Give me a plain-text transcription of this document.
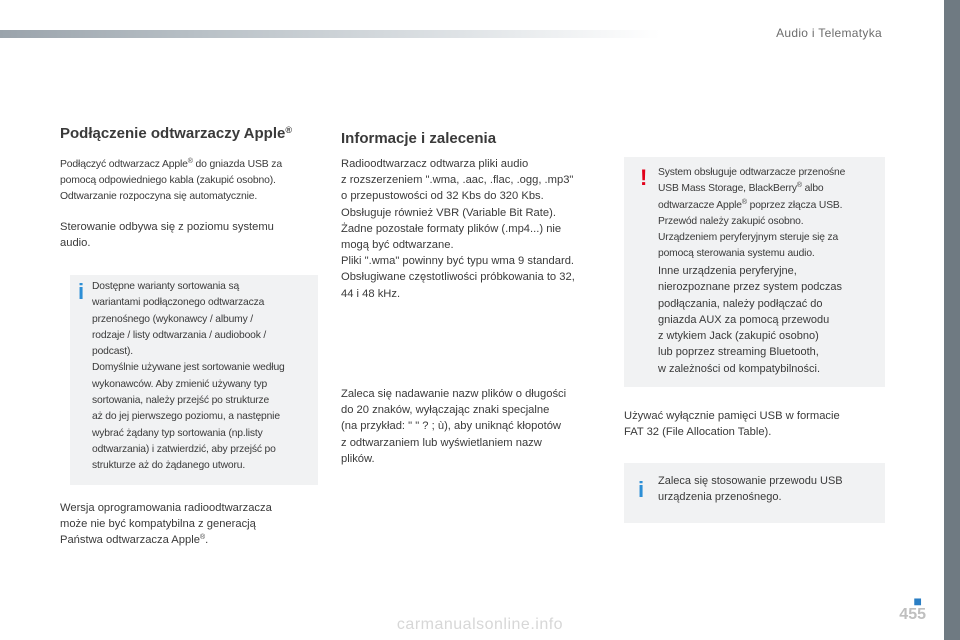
Audio i Telematyka
Podłączenie odtwarzaczy Apple®
Podłączyć odtwarzacz Apple® do gniazda USB za
pomocą odpowiedniego kabla (zakupić osobno).
Odtwarzanie rozpoczyna się automatycznie.
Sterowanie odbywa się z poziomu systemu
audio.
i Dostępne warianty sortowania są
wariantami podłączonego odtwarzacza
przenośnego (wykonawcy / albumy /
rodzaje / listy odtwarzania / audiobook /
podcast).
Domyślnie używane jest sortowanie według
wykonawców. Aby zmienić używany typ
sortowania, należy przejść po strukturze
aż do jej pierwszego poziomu, a następnie
wybrać żądany typ sortowania (np.listy
odtwarzania) i zatwierdzić, aby przejść po
strukturze aż do żądanego utworu.
Wersja oprogramowania radioodtwarzacza
może nie być kompatybilna z generacją
Państwa odtwarzacza Apple®.
Informacje i zalecenia
Radioodtwarzacz odtwarza pliki audio
z rozszerzeniem ".wma, .aac, .flac, .ogg, .mp3"
o przepustowości od 32 Kbs do 320 Kbs.
Obsługuje również VBR (Variable Bit Rate).
Żadne pozostałe formaty plików (.mp4...) nie
mogą być odtwarzane.
Pliki ".wma" powinny być typu wma 9 standard.
Obsługiwane częstotliwości próbkowania to 32,
44 i 48 kHz.
Zaleca się nadawanie nazw plików o długości
do 20 znaków, wyłączając znaki specjalne
(na przykład: " " ? ; ù), aby uniknąć kłopotów
z odtwarzaniem lub wyświetlaniem nazw
plików.
! System obsługuje odtwarzacze przenośne
USB Mass Storage, BlackBerry® albo
odtwarzacze Apple® poprzez złącza USB.
Przewód należy zakupić osobno.
Urządzeniem peryferyjnym steruje się za
pomocą sterowania systemu audio.
Inne urządzenia peryferyjne,
nierozpoznane przez system podczas
podłączania, należy podłączać do
gniazda AUX za pomocą przewodu
z wtykiem Jack (zakupić osobno)
lub poprzez streaming Bluetooth,
w zależności od kompatybilności.
Używać wyłącznie pamięci USB w formacie
FAT 32 (File Allocation Table).
i Zaleca się stosowanie przewodu USB
urządzenia przenośnego.
■
455
carmanualsonline.info
